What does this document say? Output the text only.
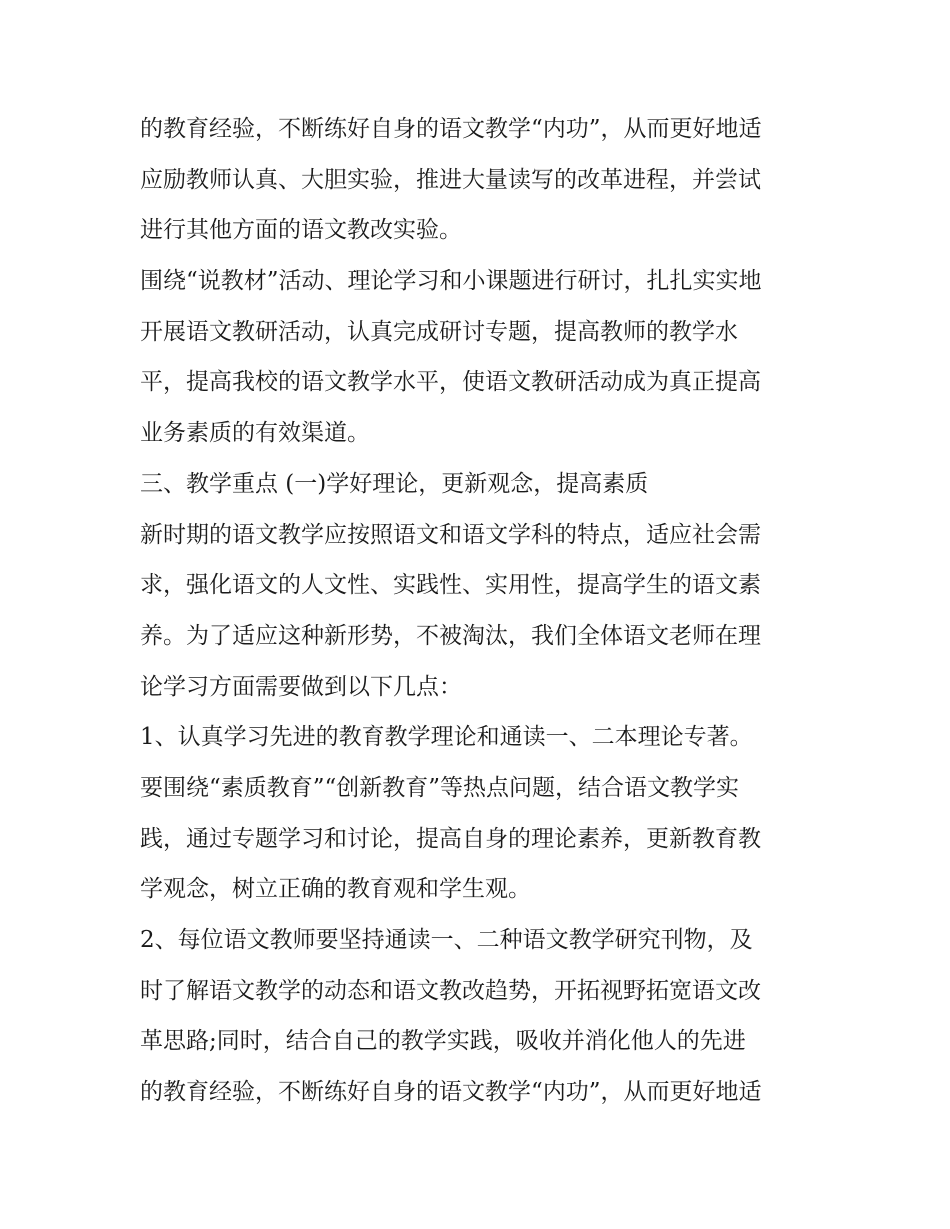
的教育经验，不断练好自身的语文教学“内功”，从而更好地适
应励教师认真、大胆实验，推进大量读写的改革进程，并尝试
进行其他方面的语文教改实验。
围绕“说教材”活动、理论学习和小课题进行研讨，扎扎实实地
开展语文教研活动，认真完成研讨专题，提高教师的教学水
平，提高我校的语文教学水平，使语文教研活动成为真正提高
业务素质的有效渠道。
三、教学重点 (一)学好理论，更新观念，提高素质
新时期的语文教学应按照语文和语文学科的特点，适应社会需
求，强化语文的人文性、实践性、实用性，提高学生的语文素
养。为了适应这种新形势，不被淘汰，我们全体语文老师在理
论学习方面需要做到以下几点：
1、认真学习先进的教育教学理论和通读一、二本理论专著。
要围绕“素质教育”“创新教育”等热点问题，结合语文教学实
践，通过专题学习和讨论，提高自身的理论素养，更新教育教
学观念，树立正确的教育观和学生观。
2、每位语文教师要坚持通读一、二种语文教学研究刊物，及
时了解语文教学的动态和语文教改趋势，开拓视野拓宽语文改
革思路;同时，结合自己的教学实践，吸收并消化他人的先进
的教育经验，不断练好自身的语文教学“内功”，从而更好地适
